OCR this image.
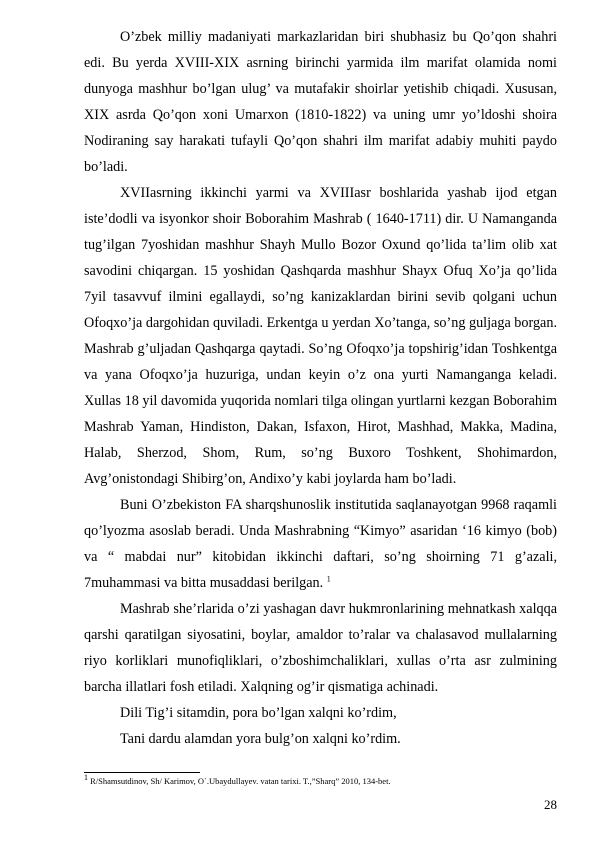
O’zbek milliy madaniyati markazlaridan biri shubhasiz bu Qo’qon shahri
edi. Bu yerda XVIII-XIX asrning birinchi yarmida ilm marifat olamida nomi
dunyoga mashhur bo’lgan ulug’ va mutafakir shoirlar yetishib chiqadi. Xususan,
XIX asrda Qo’qon xoni Umarxon (1810-1822) va uning umr yo’ldoshi shoira
Nodiraning say harakati tufayli Qo’qon shahri ilm marifat adabiy muhiti paydo
bo’ladi.
XVIIasrning ikkinchi yarmi va XVIIIasr boshlarida yashab ijod etgan
iste’dodli va isyonkor shoir Boborahim Mashrab ( 1640-1711) dir. U Namanganda
tug’ilgan 7yoshidan mashhur Shayh Mullo Bozor Oxund qo’lida ta’lim olib xat
savodini chiqargan. 15 yoshidan Qashqarda mashhur Shayx Ofuq Xo’ja qo’lida
7yil tasavvuf ilmini egallaydi, so’ng kanizaklardan birini sevib qolgani uchun
Ofoqxo’ja dargohidan quviladi. Erkentga u yerdan Xo’tanga, so’ng guljaga borgan.
Mashrab g’uljadan Qashqarga qaytadi. So’ng Ofoqxo’ja topshirig’idan Toshkentga
va yana Ofoqxo’ja huzuriga, undan keyin o’z ona yurti Namanganga keladi.
Xullas 18 yil davomida yuqorida nomlari tilga olingan yurtlarni kezgan Boborahim
Mashrab Yaman, Hindiston, Dakan, Isfaxon, Hirot, Mashhad, Makka, Madina,
Halab, Sherzod, Shom, Rum, so’ng Buxoro Toshkent, Shohimardon,
Avg’onistondagi Shibirg’on, Andixo’y kabi joylarda ham bo’ladi.
Buni O’zbekiston FA sharqshunoslik institutida saqlanayotgan 9968 raqamli
qo’lyozma asoslab beradi. Unda Mashrabning “Kimyo” asaridan ‘16 kimyo (bob)
va “ mabdai nur” kitobidan ikkinchi daftari, so’ng shoirning 71 g’azali,
7muhammasi va bitta musaddasi berilgan. $^1$
Mashrab she’rlarida o’zi yashagan davr hukmronlarining mehnatkash xalqqa
qarshi qaratilgan siyosatini, boylar, amaldor to’ralar va chalasavod mullalarning
riyo korliklari munofiqliklari, o’zboshimchaliklari, xullas o’rta asr zulmining
barcha illatlari fosh etiladi. Xalqning og’ir qismatiga achinadi.
Dili Tig’i sitamdin, pora bo’lgan xalqni ko’rdim,
Tani dardu alamdan yora bulg’on xalqni ko’rdim.
$^1$ R/Shamsutdinov, Sh/ Karimov, O`.Ubaydullayev. vatan tarixi. T.,”Sharq” 2010, 134-bet.
28
